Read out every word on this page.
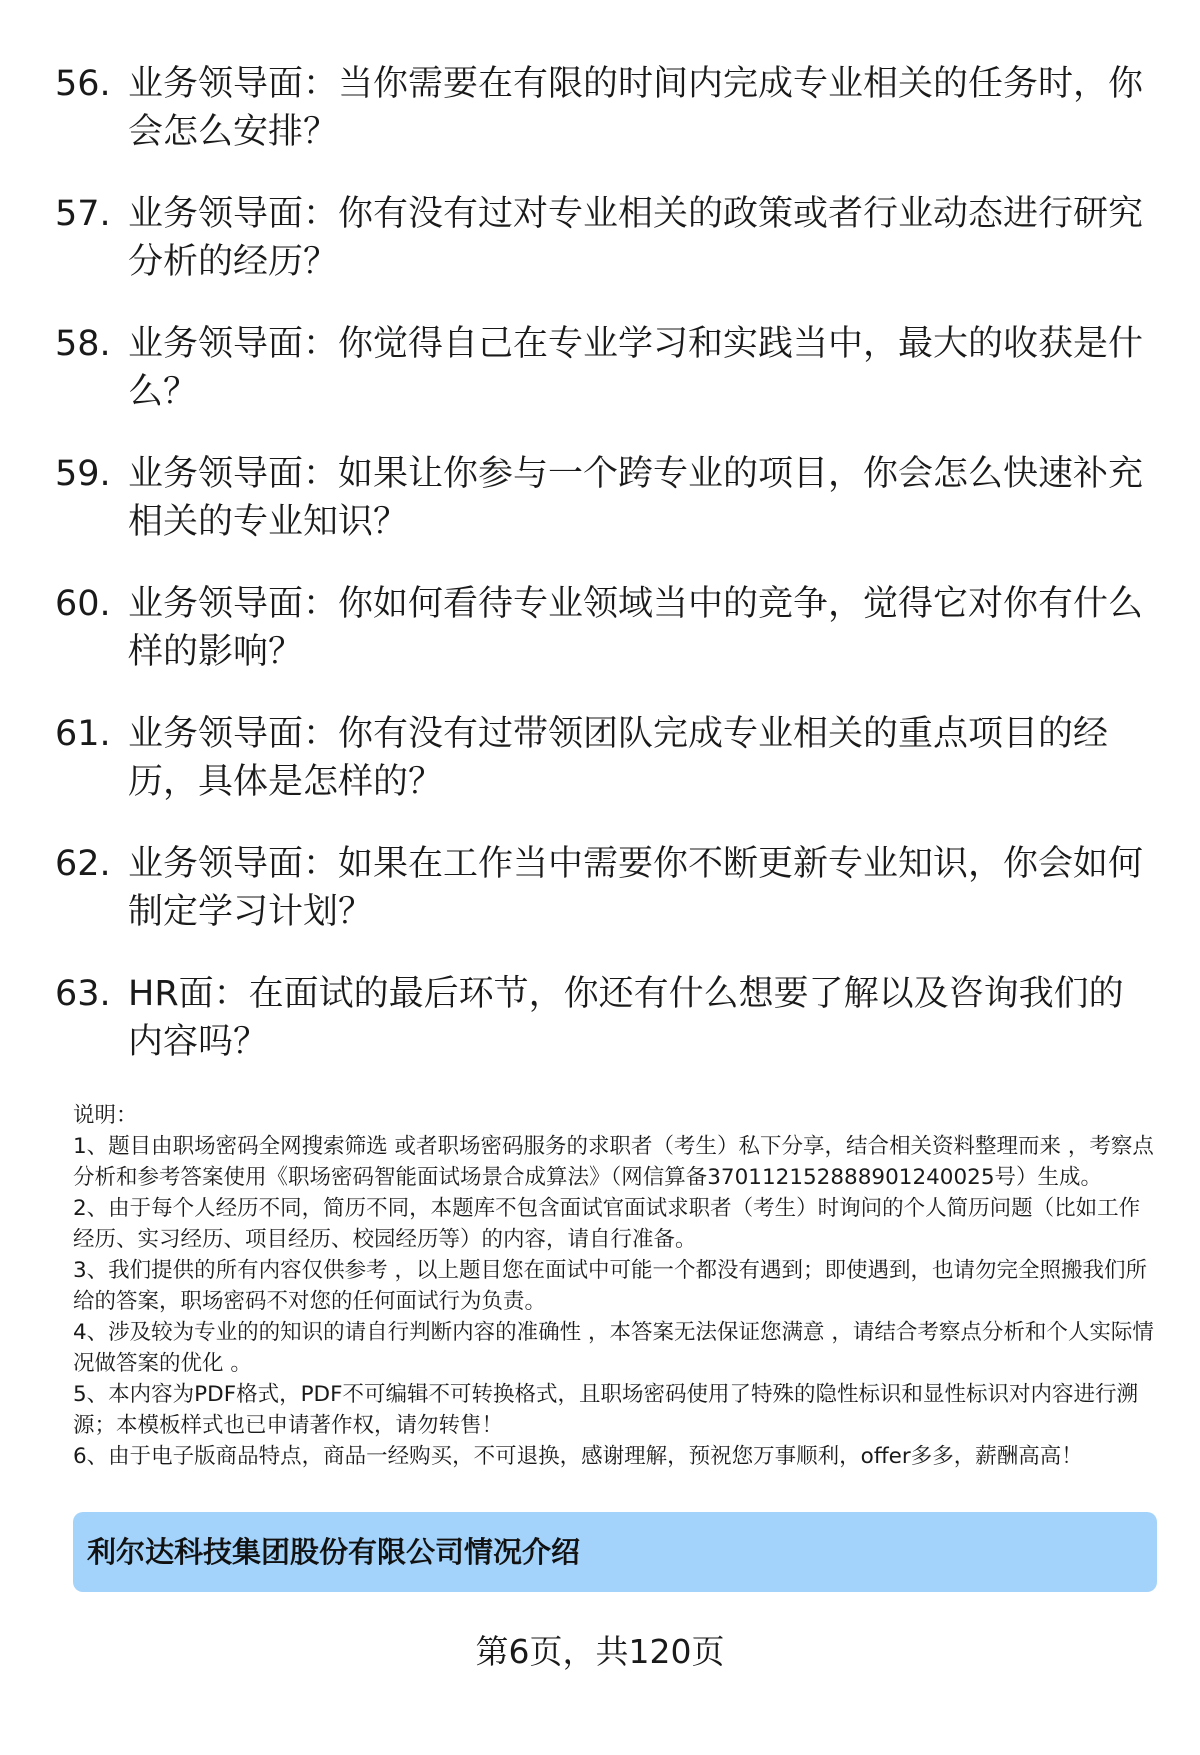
56. 业务领导面：当你需要在有限的时间内完成专业相关的任务时，你会怎么安排？
57. 业务领导面：你有没有过对专业相关的政策或者行业动态进行研究分析的经历？
58. 业务领导面：你觉得自己在专业学习和实践当中，最大的收获是什么？
59. 业务领导面：如果让你参与一个跨专业的项目，你会怎么快速补充相关的专业知识？
60. 业务领导面：你如何看待专业领域当中的竞争，觉得它对你有什么样的影响？
61. 业务领导面：你有没有过带领团队完成专业相关的重点项目的经历，具体是怎样的？
62. 业务领导面：如果在工作当中需要你不断更新专业知识，你会如何制定学习计划？
63. HR面：在面试的最后环节，你还有什么想要了解以及咨询我们的内容吗？
说明：
1、题目由职场密码全网搜索筛选 或者职场密码服务的求职者（考生）私下分享，结合相关资料整理而来 ，考察点分析和参考答案使用《职场密码智能面试场景合成算法》（网信算备370112152888901240025号）生成。
2、由于每个人经历不同，简历不同，本题库不包含面试官面试求职者（考生）时询问的个人简历问题（比如工作经历、实习经历、项目经历、校园经历等）的内容，请自行准备。
3、我们提供的所有内容仅供参考 ，以上题目您在面试中可能一个都没有遇到；即使遇到，也请勿完全照搬我们所给的答案，职场密码不对您的任何面试行为负责。
4、涉及较为专业的的知识的请自行判断内容的准确性 ，本答案无法保证您满意 ，请结合考察点分析和个人实际情况做答案的优化 。
5、本内容为PDF格式，PDF不可编辑不可转换格式，且职场密码使用了特殊的隐性标识和显性标识对内容进行溯源；本模板样式也已申请著作权，请勿转售！
6、由于电子版商品特点，商品一经购买，不可退换，感谢理解，预祝您万事顺利，offer多多，薪酬高高！
利尔达科技集团股份有限公司情况介绍
第6页，共120页
